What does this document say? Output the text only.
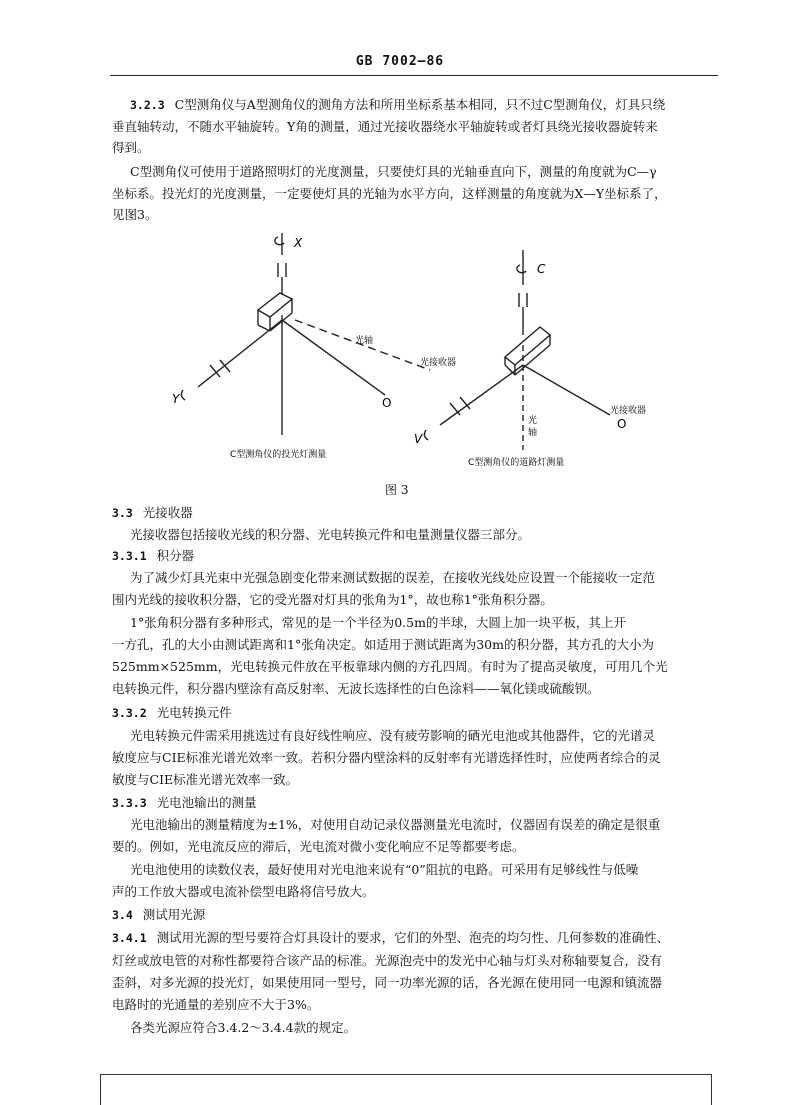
GB 7002—86
3.2.3 C型测角仪与A型测角仪的测角方法和所用坐标系基本相同，只不过C型测角仪，灯具只绕
垂直轴转动，不随水平轴旋转。Y角的测量，通过光接收器绕水平轴旋转或者灯具绕光接收器旋转来
得到。
C型测角仪可使用于道路照明灯的光度测量，只要使灯具的光轴垂直向下，测量的角度就为C—γ
坐标系。投光灯的光度测量，一定要使灯具的光轴为水平方向，这样测量的角度就为X—Y坐标系了，
见图3。
X
Y
光轴
光接收器
O
C型测角仪的投光灯测量
C
V
光
轴
光接收器
O
C型测角仪的道路灯测量
图 3
3.3 光接收器
光接收器包括接收光线的积分器、光电转换元件和电量测量仪器三部分。
3.3.1 积分器
为了减少灯具光束中光强急剧变化带来测试数据的误差，在接收光线处应设置一个能接收一定范
围内光线的接收积分器，它的受光器对灯具的张角为1°，故也称1°张角积分器。
1°张角积分器有多种形式，常见的是一个半径为0.5m的半球，大圆上加一块平板，其上开
一方孔，孔的大小由测试距离和1°张角决定。如适用于测试距离为30m的积分器，其方孔的大小为
525mm×525mm，光电转换元件放在平板靠球内侧的方孔四周。有时为了提高灵敏度，可用几个光
电转换元件，积分器内壁涂有高反射率、无波长选择性的白色涂料——氧化镁或硫酸钡。
3.3.2 光电转换元件
光电转换元件需采用挑选过有良好线性响应、没有疲劳影响的硒光电池或其他器件，它的光谱灵
敏度应与CIE标准光谱光效率一致。若积分器内壁涂料的反射率有光谱选择性时，应使两者综合的灵
敏度与CIE标准光谱光效率一致。
3.3.3 光电池输出的测量
光电池输出的测量精度为±1%，对使用自动记录仪器测量光电流时，仪器固有误差的确定是很重
要的。例如，光电流反应的滞后，光电流对微小变化响应不足等都要考虑。
光电池使用的读数仪表，最好使用对光电池来说有“0”阻抗的电路。可采用有足够线性与低噪
声的工作放大器或电流补偿型电路将信号放大。
3.4 测试用光源
3.4.1 测试用光源的型号要符合灯具设计的要求，它们的外型、泡壳的均匀性、几何参数的准确性、
灯丝或放电管的对称性都要符合该产品的标准。光源泡壳中的发光中心轴与灯头对称轴要复合，没有
歪斜，对多光源的投光灯，如果使用同一型号，同一功率光源的话，各光源在使用同一电源和镇流器
电路时的光通量的差别应不大于3%。
各类光源应符合3.4.2～3.4.4款的规定。
